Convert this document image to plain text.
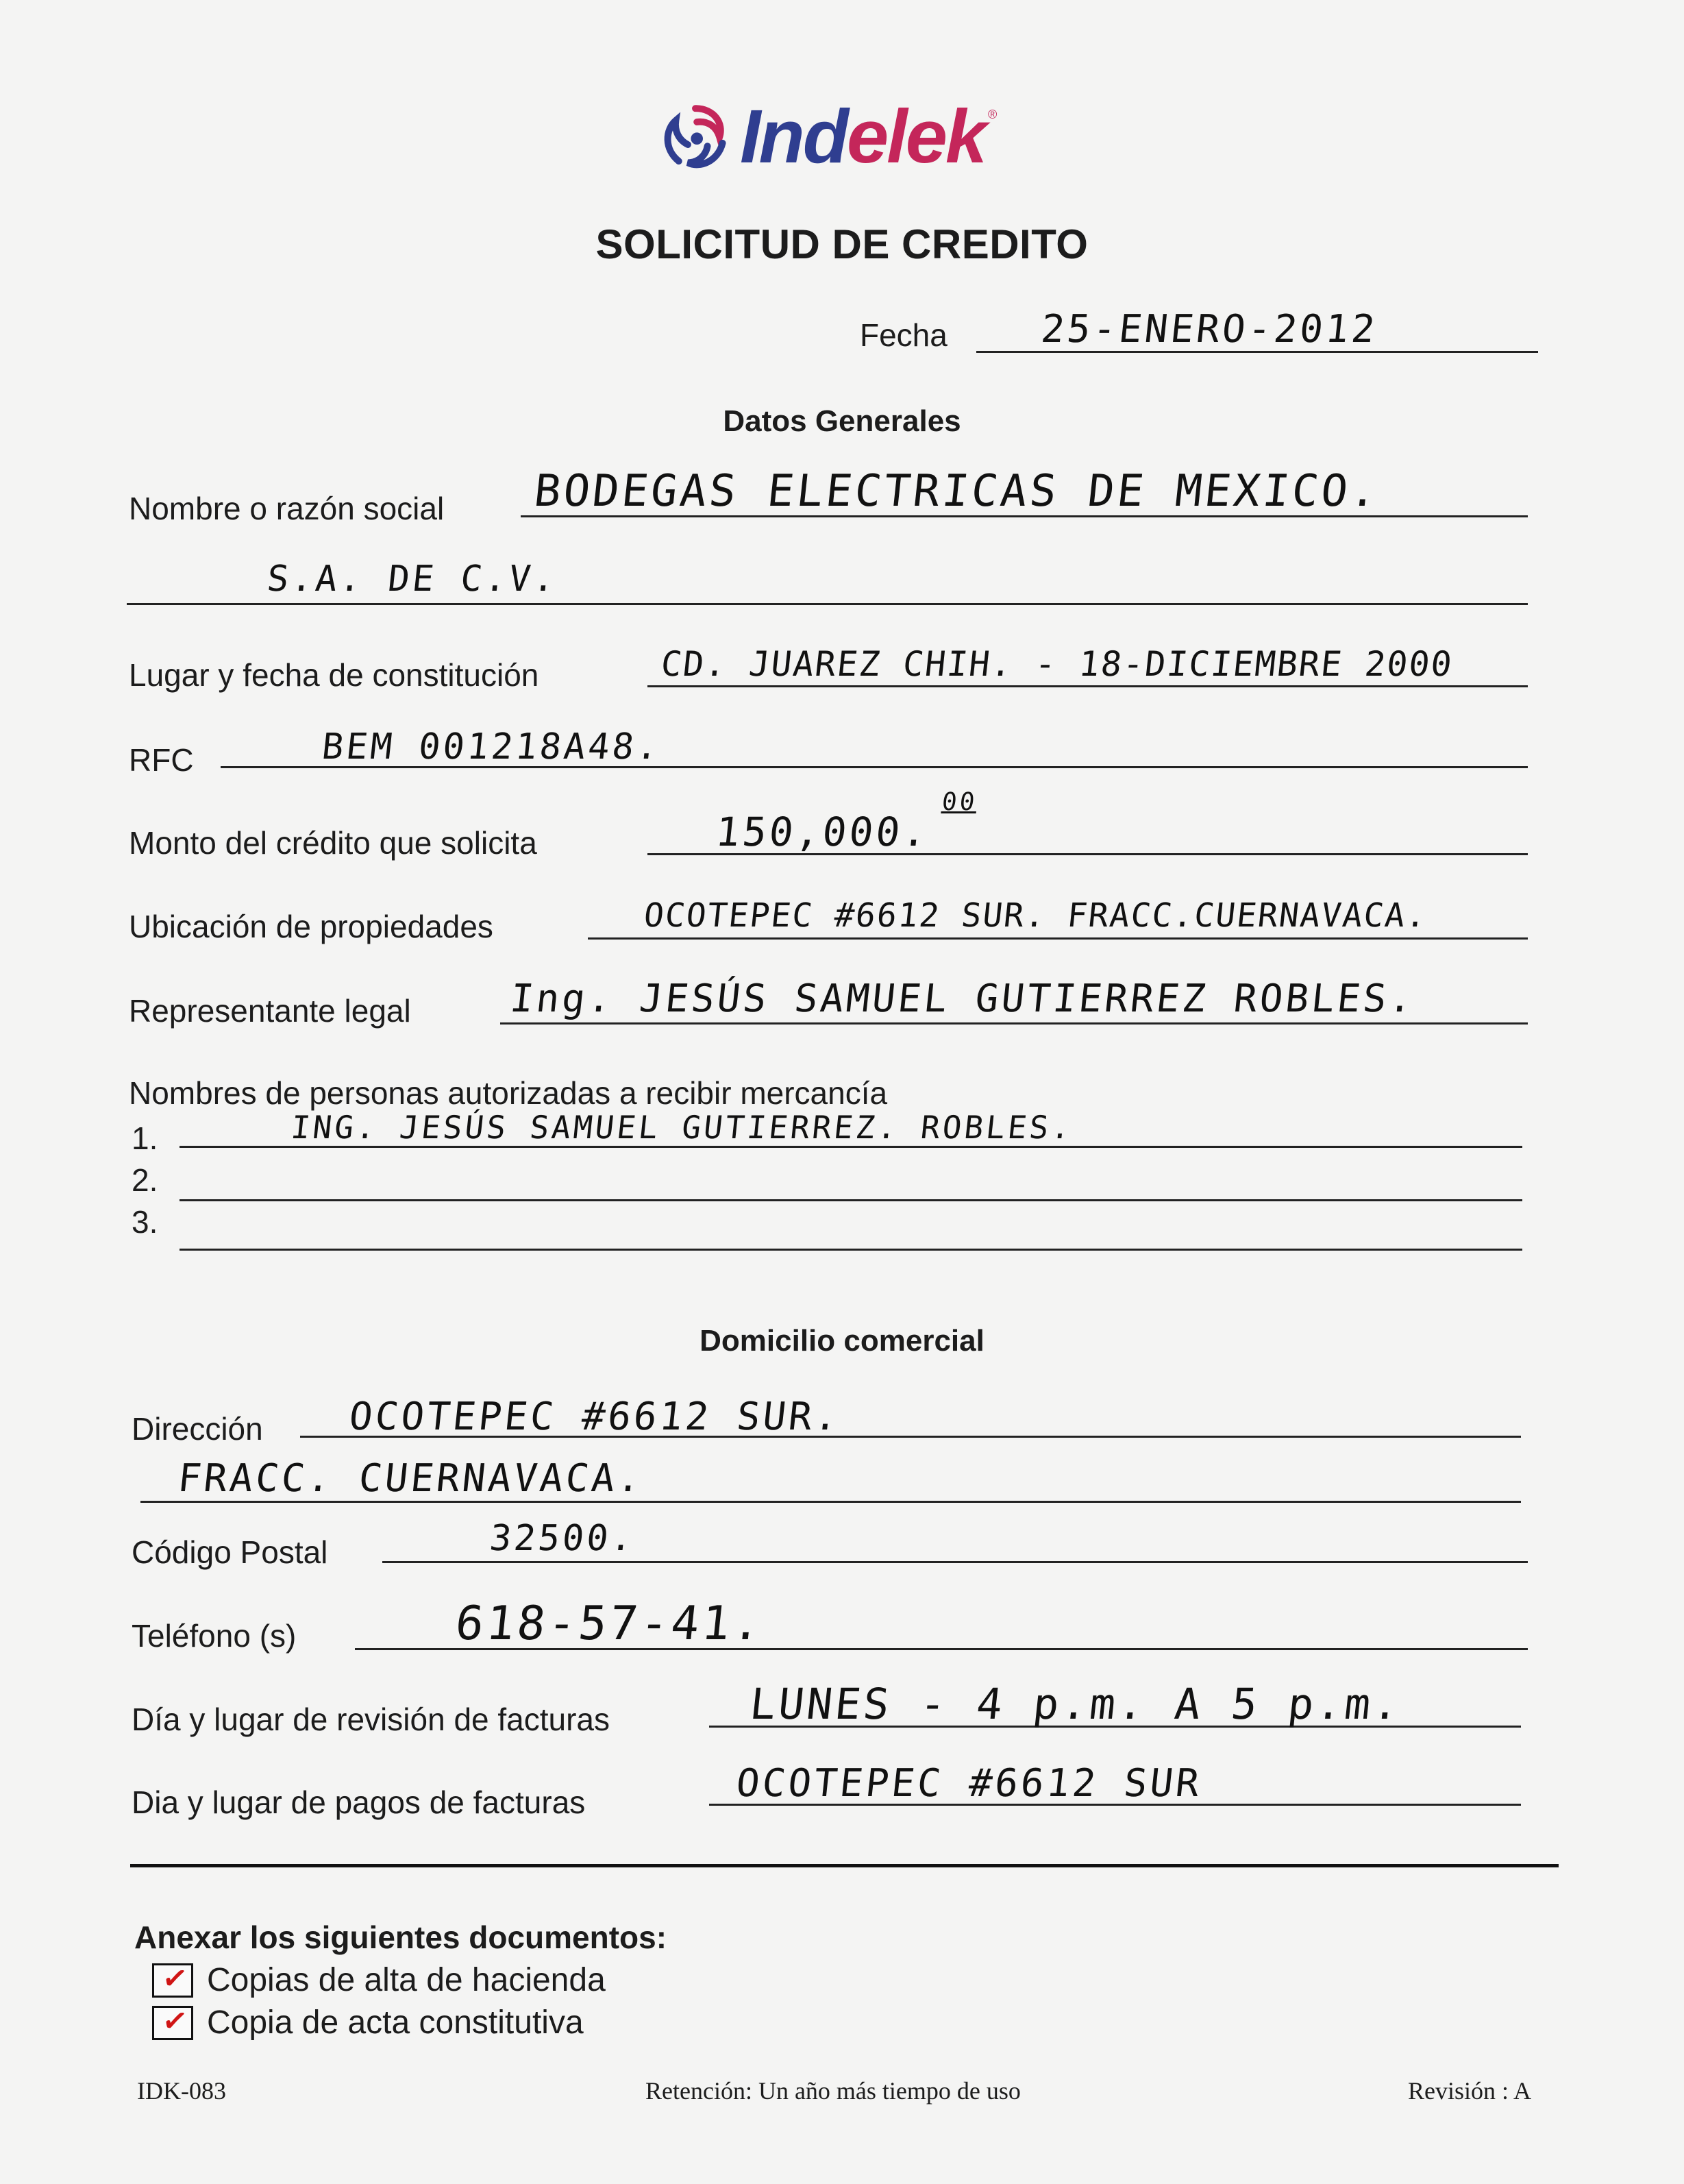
Indelek ®
SOLICITUD DE CREDITO
Fecha 25-ENERO-2012
Datos Generales
Nombre o razón social BODEGAS ELECTRICAS DE MEXICO.
S.A. DE C.V.
Lugar y fecha de constitución	CD. JUAREZ CHIH. - 18-DICIEMBRE 2000
RFC	BEM 001218A48.
Monto del crédito que solicita	150,000.
00
Ubicación de propiedades	OCOTEPEC #6612 SUR. FRACC.CUERNAVACA.
Representante legal	Ing. JESÚS SAMUEL GUTIERREZ ROBLES.
Nombres de personas autorizadas a recibir mercancía
1.	ING. JESÚS SAMUEL GUTIERREZ. ROBLES.
2.
3.
Domicilio comercial
Dirección OCOTEPEC #6612 SUR.
FRACC. CUERNAVACA.
Código Postal	32500.
Teléfono (s)	618-57-41.
Día y lugar de revisión de facturas	LUNES - 4 p.m. A 5 p.m.
Dia y lugar de pagos de facturas	OCOTEPEC #6612 SUR
Anexar los siguientes documentos:
✓ Copias de alta de hacienda
✓ Copia de acta constitutiva
IDK-083	Retención: Un año más tiempo de uso	Revisión : A
